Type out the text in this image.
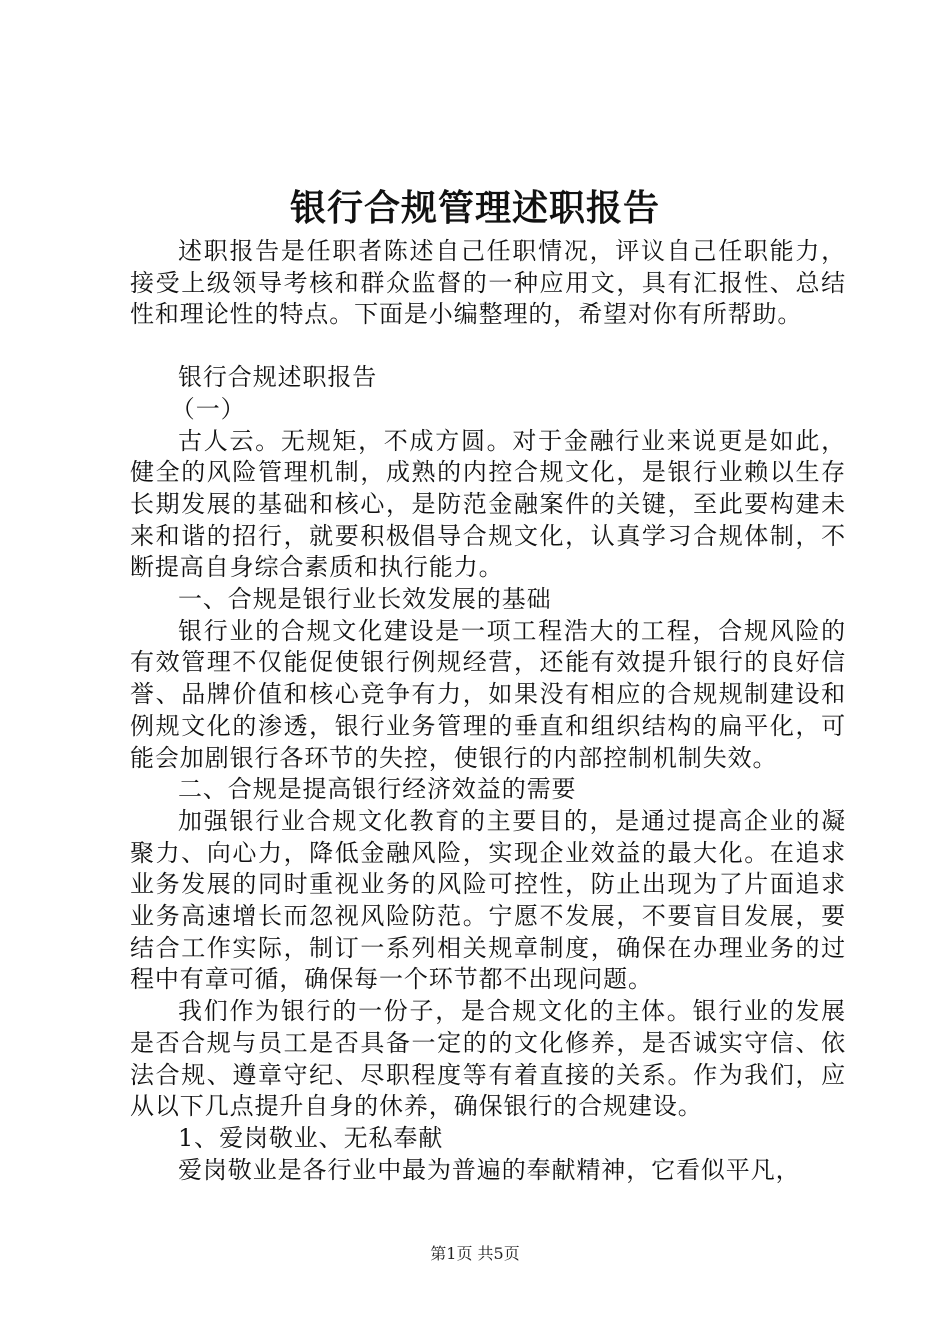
银行合规管理述职报告

述职报告是任职者陈述自己任职情况，评议自己任职能力，接受上级领导考核和群众监督的一种应用文，具有汇报性、总结性和理论性的特点。下面是小编整理的，希望对你有所帮助。

银行合规述职报告

（一）

古人云。无规矩，不成方圆。对于金融行业来说更是如此，健全的风险管理机制，成熟的内控合规文化，是银行业赖以生存长期发展的基础和核心，是防范金融案件的关键，至此要构建未来和谐的招行，就要积极倡导合规文化，认真学习合规体制，不断提高自身综合素质和执行能力。

一、合规是银行业长效发展的基础

银行业的合规文化建设是一项工程浩大的工程，合规风险的有效管理不仅能促使银行例规经营，还能有效提升银行的良好信誉、品牌价值和核心竞争有力，如果没有相应的合规规制建设和例规文化的渗透，银行业务管理的垂直和组织结构的扁平化，可能会加剧银行各环节的失控，使银行的内部控制机制失效。

二、合规是提高银行经济效益的需要

加强银行业合规文化教育的主要目的，是通过提高企业的凝聚力、向心力，降低金融风险，实现企业效益的最大化。在追求业务发展的同时重视业务的风险可控性，防止出现为了片面追求业务高速增长而忽视风险防范。宁愿不发展，不要盲目发展，要结合工作实际，制订一系列相关规章制度，确保在办理业务的过程中有章可循，确保每一个环节都不出现问题。

我们作为银行的一份子，是合规文化的主体。银行业的发展是否合规与员工是否具备一定的的文化修养，是否诚实守信、依法合规、遵章守纪、尽职程度等有着直接的关系。作为我们，应从以下几点提升自身的休养，确保银行的合规建设。

1、爱岗敬业、无私奉献

爱岗敬业是各行业中最为普遍的奉献精神，它看似平凡，

第1页 共5页
